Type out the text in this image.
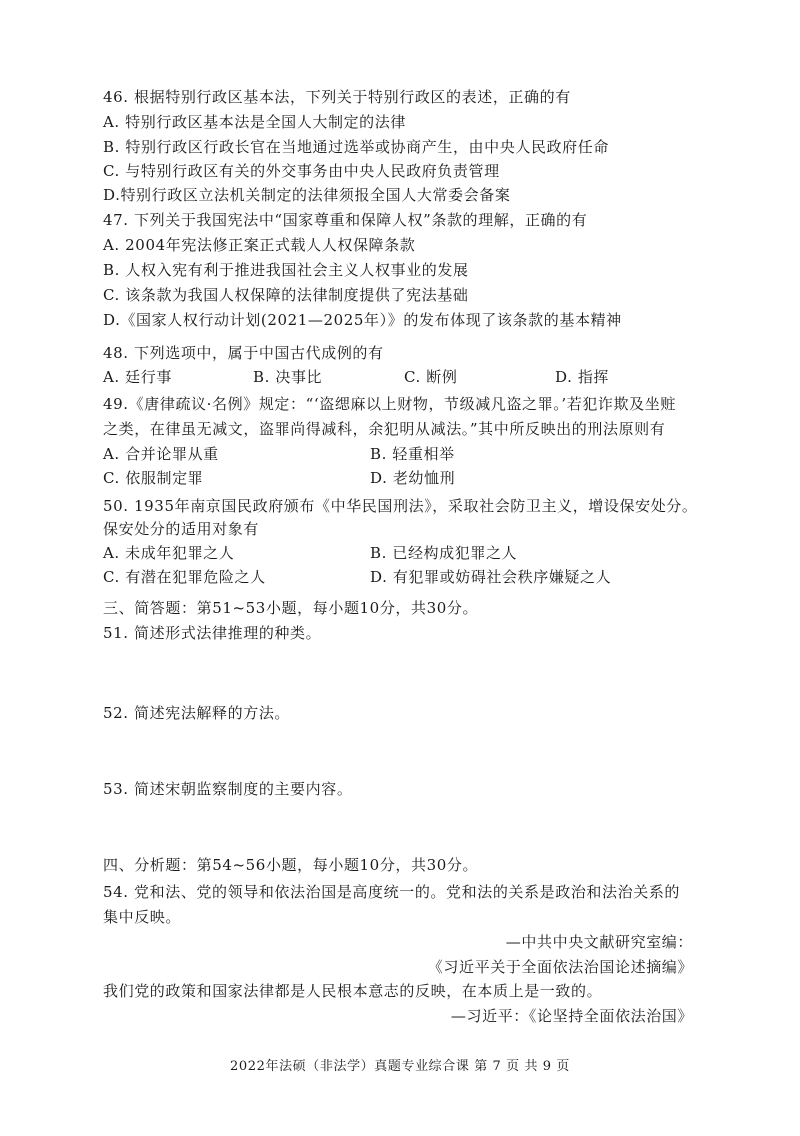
46. 根据特别行政区基本法，下列关于特别行政区的表述，正确的有
A. 特别行政区基本法是全国人大制定的法律
B. 特别行政区行政长官在当地通过选举或协商产生，由中央人民政府任命
C. 与特别行政区有关的外交事务由中央人民政府负责管理
D.特别行政区立法机关制定的法律须报全国人大常委会备案
47. 下列关于我国宪法中“国家尊重和保障人权”条款的理解，正确的有
A. 2004年宪法修正案正式载人人权保障条款
B. 人权入宪有利于推进我国社会主义人权事业的发展
C. 该条款为我国人权保障的法律制度提供了宪法基础
D.《国家人权行动计划(2021—2025年）》的发布体现了该条款的基本精神
48. 下列选项中，属于中国古代成例的有
A. 廷行事	B. 决事比	C. 断例	D. 指挥
49.《唐律疏议·名例》规定：“‘盗缌麻以上财物，节级减凡盗之罪。’若犯诈欺及坐赃
之类，在律虽无减文，盗罪尚得减科，余犯明从减法。”其中所反映出的刑法原则有
A. 合并论罪从重	B. 轻重相举
C. 依服制定罪	D. 老幼恤刑
50. 1935年南京国民政府颁布《中华民国刑法》，采取社会防卫主义，增设保安处分。
保安处分的适用对象有
A. 未成年犯罪之人	B. 已经构成犯罪之人
C. 有潜在犯罪危险之人	D. 有犯罪或妨碍社会秩序嫌疑之人
三、简答题：第51~53小题，每小题10分，共30分。
51. 简述形式法律推理的种类。
52. 简述宪法解释的方法。
53. 简述宋朝监察制度的主要内容。
四、分析题：第54~56小题，每小题10分，共30分。
54. 党和法、党的领导和依法治国是高度统一的。党和法的关系是政治和法治关系的
集中反映。
—中共中央文献研究室编：
《习近平关于全面依法治国论述摘编》
我们党的政策和国家法律都是人民根本意志的反映，在本质上是一致的。
—习近平：《论坚持全面依法治国》
2022年法硕（非法学）真题专业综合课 第 7 页 共 9 页
